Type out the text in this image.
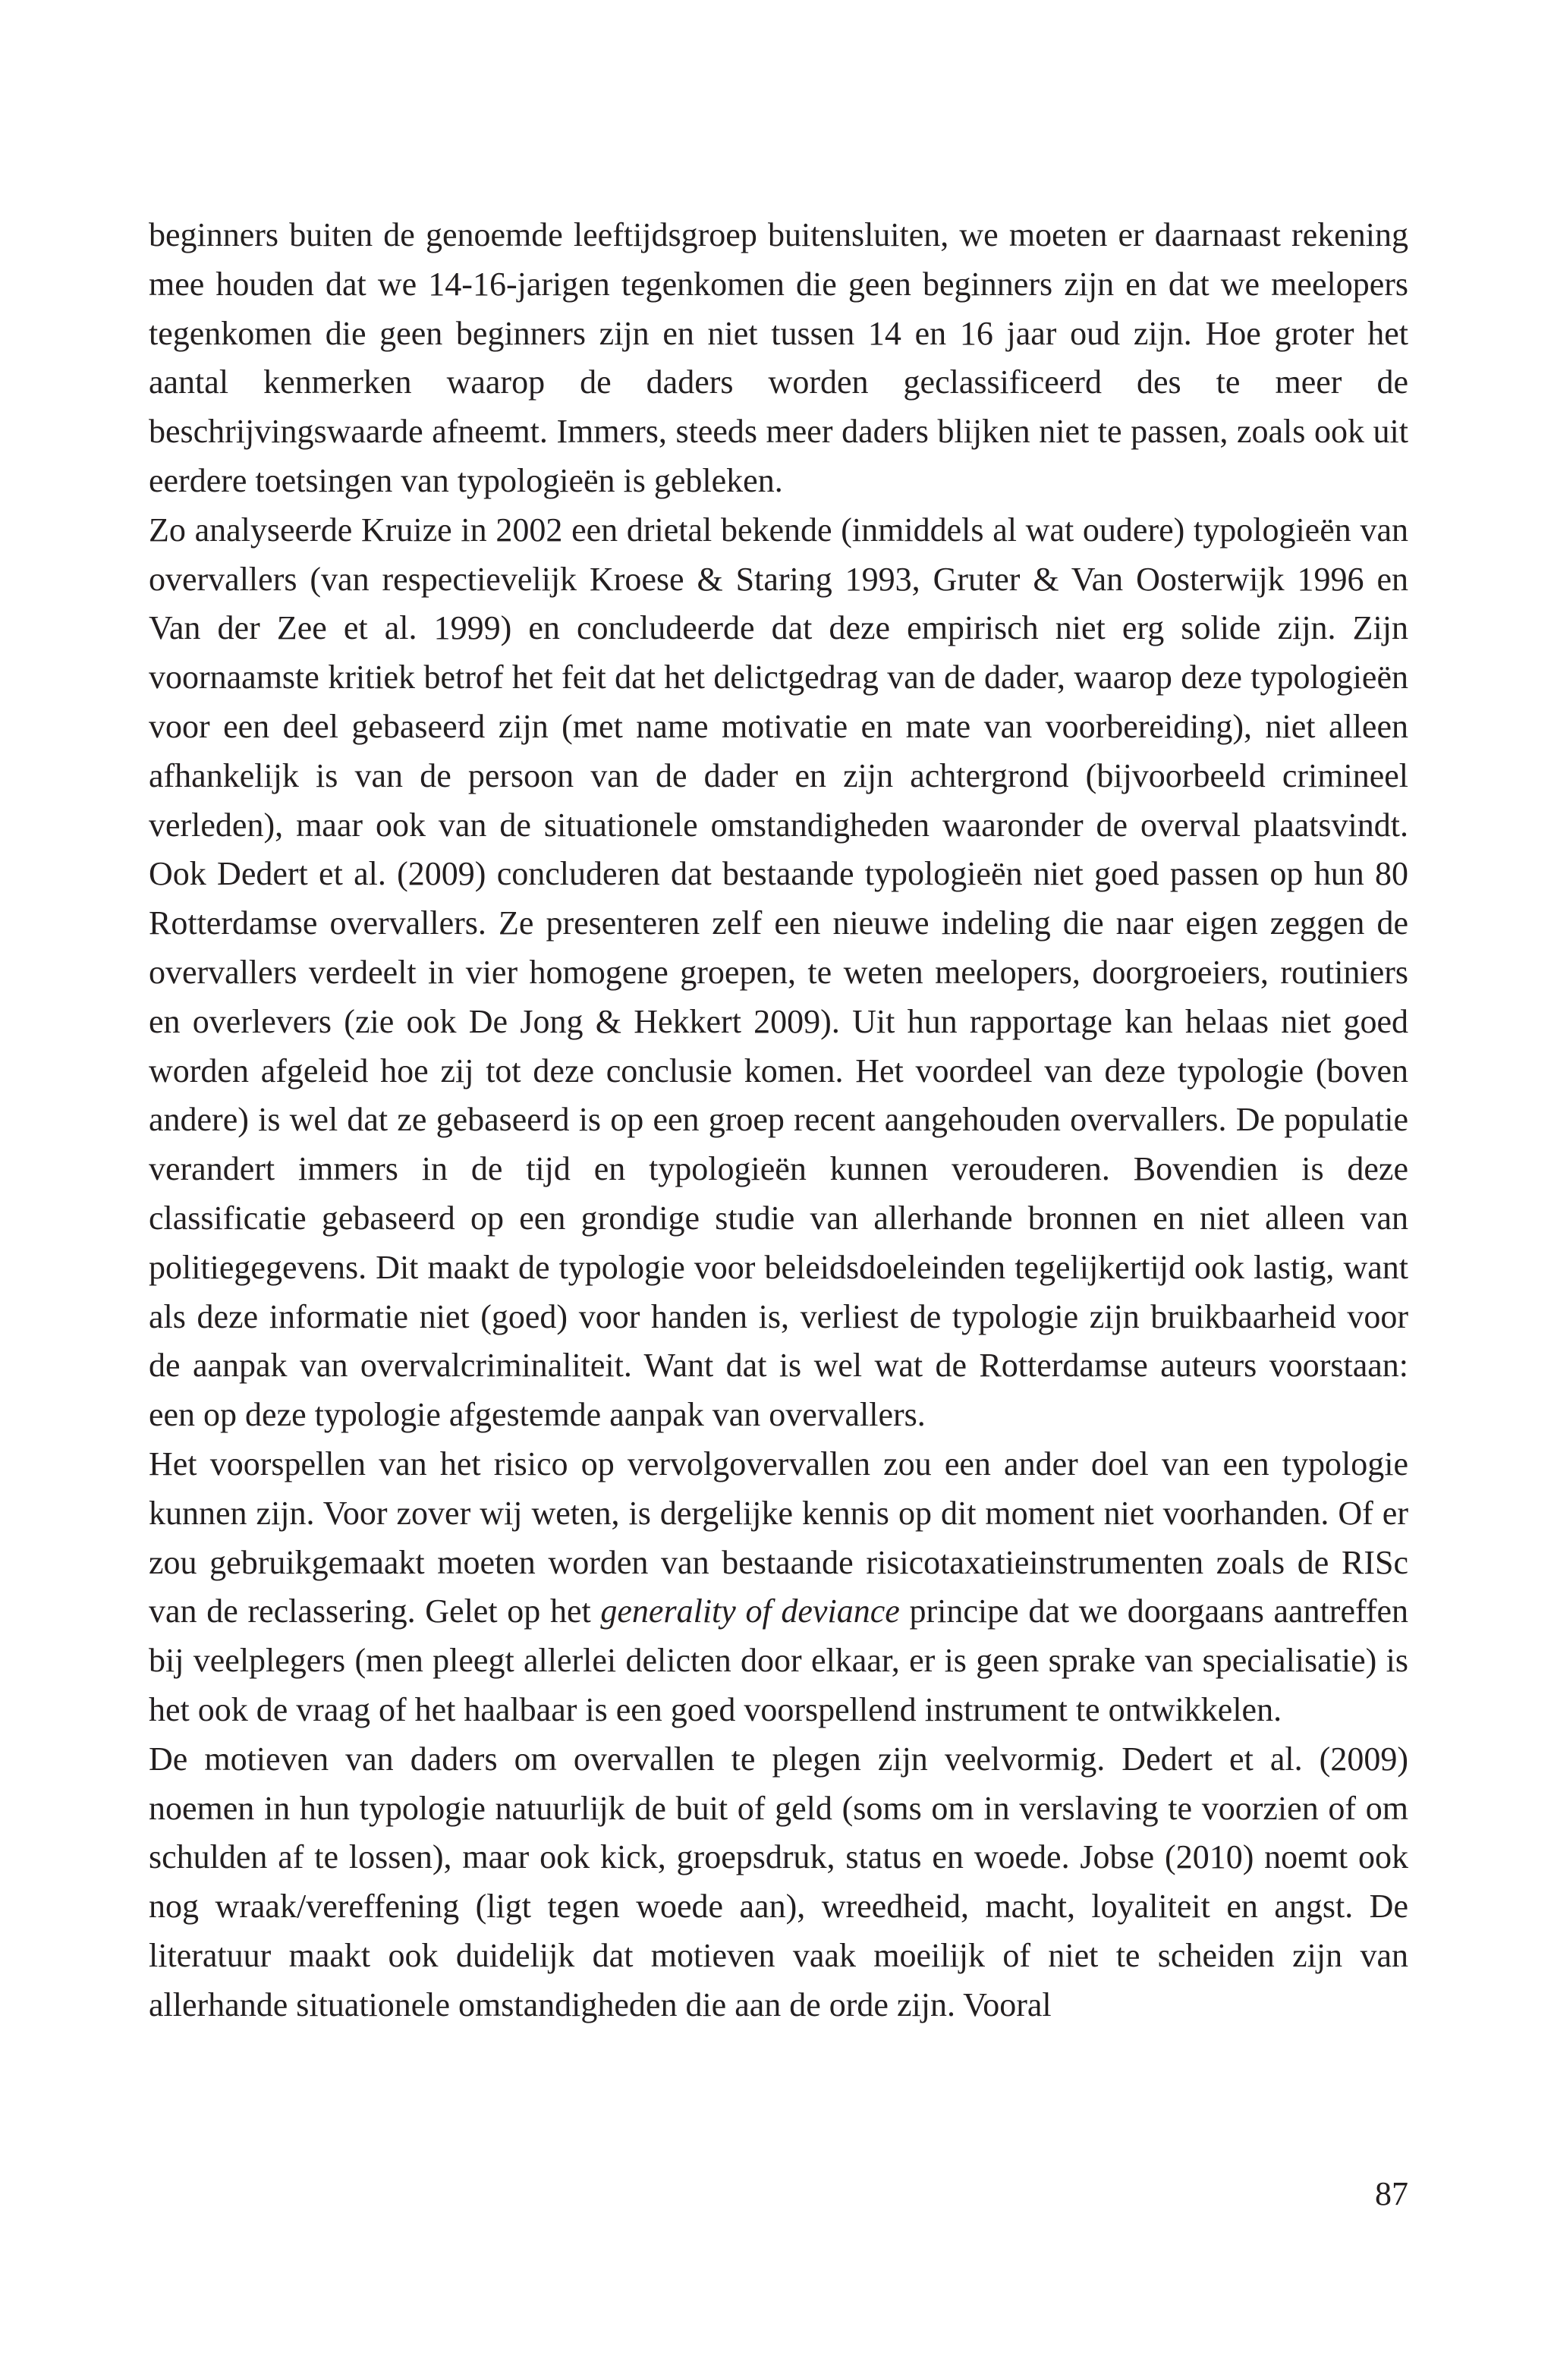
beginners buiten de genoemde leeftijdsgroep buitensluiten, we moeten er daarnaast rekening mee houden dat we 14-16-jarigen tegenkomen die geen beginners zijn en dat we meelopers tegenkomen die geen beginners zijn en niet tussen 14 en 16 jaar oud zijn. Hoe groter het aantal kenmerken waarop de daders worden geclassificeerd des te meer de beschrijvingswaarde afneemt. Immers, steeds meer daders blijken niet te passen, zoals ook uit eerdere toetsingen van typologieën is gebleken.

Zo analyseerde Kruize in 2002 een drietal bekende (inmiddels al wat oudere) typologieën van overvallers (van respectievelijk Kroese & Staring 1993, Gruter & Van Oosterwijk 1996 en Van der Zee et al. 1999) en concludeerde dat deze empirisch niet erg solide zijn. Zijn voornaamste kritiek betrof het feit dat het delictgedrag van de dader, waarop deze typologieën voor een deel gebaseerd zijn (met name motivatie en mate van voorbereiding), niet alleen afhankelijk is van de persoon van de dader en zijn achtergrond (bijvoorbeeld crimineel verleden), maar ook van de situationele omstandigheden waaronder de overval plaatsvindt. Ook Dedert et al. (2009) concluderen dat bestaande typologieën niet goed passen op hun 80 Rotterdamse overvallers. Ze presenteren zelf een nieuwe indeling die naar eigen zeggen de overvallers verdeelt in vier homogene groepen, te weten meelopers, doorgroeiers, routiniers en overlevers (zie ook De Jong & Hekkert 2009). Uit hun rapportage kan helaas niet goed worden afgeleid hoe zij tot deze conclusie komen. Het voordeel van deze typologie (boven andere) is wel dat ze gebaseerd is op een groep recent aangehouden overvallers. De populatie verandert immers in de tijd en typologieën kunnen verouderen. Bovendien is deze classificatie gebaseerd op een grondige studie van allerhande bronnen en niet alleen van politiegegevens. Dit maakt de typologie voor beleidsdoeleinden tegelijkertijd ook lastig, want als deze informatie niet (goed) voor handen is, verliest de typologie zijn bruikbaarheid voor de aanpak van overvalcriminaliteit. Want dat is wel wat de Rotterdamse auteurs voorstaan: een op deze typologie afgestemde aanpak van overvallers.

Het voorspellen van het risico op vervolgovervallen zou een ander doel van een typologie kunnen zijn. Voor zover wij weten, is dergelijke kennis op dit moment niet voorhanden. Of er zou gebruikgemaakt moeten worden van bestaande risicotaxatieinstrumenten zoals de RISc van de reclassering. Gelet op het generality of deviance principe dat we doorgaans aantreffen bij veelplegers (men pleegt allerlei delicten door elkaar, er is geen sprake van specialisatie) is het ook de vraag of het haalbaar is een goed voorspellend instrument te ontwikkelen.

De motieven van daders om overvallen te plegen zijn veelvormig. Dedert et al. (2009) noemen in hun typologie natuurlijk de buit of geld (soms om in verslaving te voorzien of om schulden af te lossen), maar ook kick, groepsdruk, status en woede. Jobse (2010) noemt ook nog wraak/vereffening (ligt tegen woede aan), wreedheid, macht, loyaliteit en angst. De literatuur maakt ook duidelijk dat motieven vaak moeilijk of niet te scheiden zijn van allerhande situationele omstandigheden die aan de orde zijn. Vooral

87
